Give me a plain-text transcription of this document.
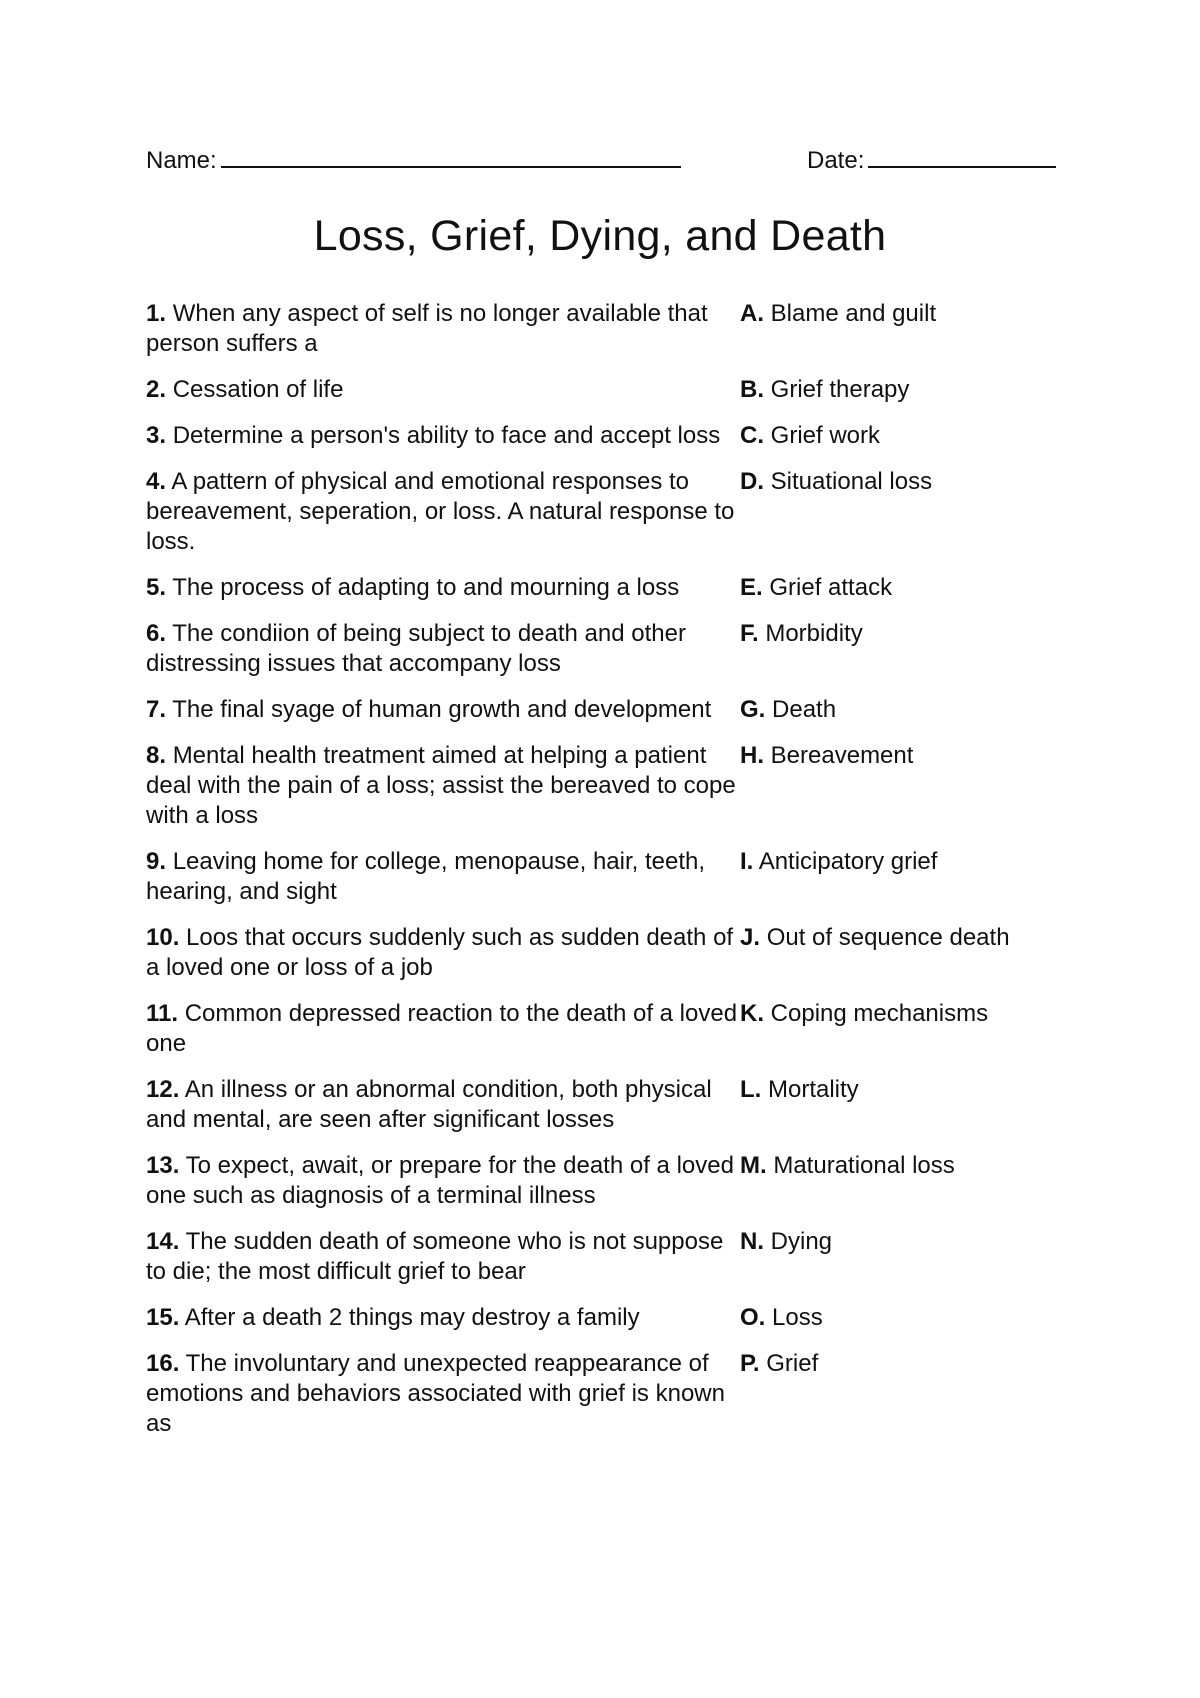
Name:	Date:
Loss, Grief, Dying, and Death
1. When any aspect of self is no longer available that person suffers a
A. Blame and guilt
2. Cessation of life	B. Grief therapy
3. Determine a person's ability to face and accept loss C. Grief work
4. A pattern of physical and emotional responses to bereavement, seperation, or loss. A natural response to loss.
D. Situational loss
5. The process of adapting to and mourning a loss	E. Grief attack
6. The condiion of being subject to death and other distressing issues that accompany loss
F. Morbidity
7. The final syage of human growth and development	G. Death
8. Mental health treatment aimed at helping a patient deal with the pain of a loss; assist the bereaved to cope with a loss
H. Bereavement
9. Leaving home for college, menopause, hair, teeth, hearing, and sight
I. Anticipatory grief
10. Loos that occurs suddenly such as sudden death of a loved one or loss of a job
J. Out of sequence death
11. Common depressed reaction to the death of a loved one
K. Coping mechanisms
12. An illness or an abnormal condition, both physical and mental, are seen after significant losses
L. Mortality
13. To expect, await, or prepare for the death of a loved one such as diagnosis of a terminal illness
M. Maturational loss
14. The sudden death of someone who is not suppose to die; the most difficult grief to bear
N. Dying
15. After a death 2 things may destroy a family	O. Loss
16. The involuntary and unexpected reappearance of emotions and behaviors associated with grief is known as
P. Grief
